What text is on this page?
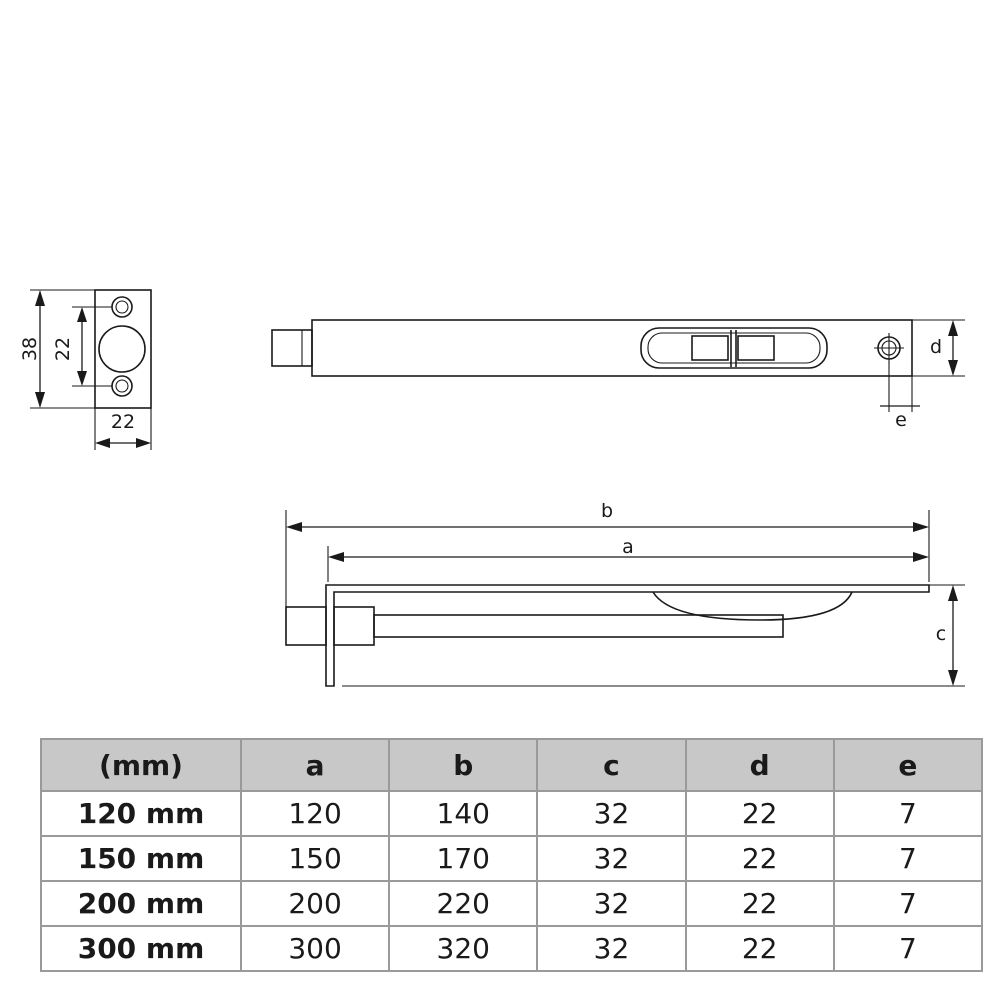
38 22
22
d
e
b
a
c
(mm)	a	b	c	d	e
120 mm	120	140	32	22	7
150 mm	150	170	32	22	7
200 mm	200	220	32	22	7
300 mm	300	320	32	22	7
